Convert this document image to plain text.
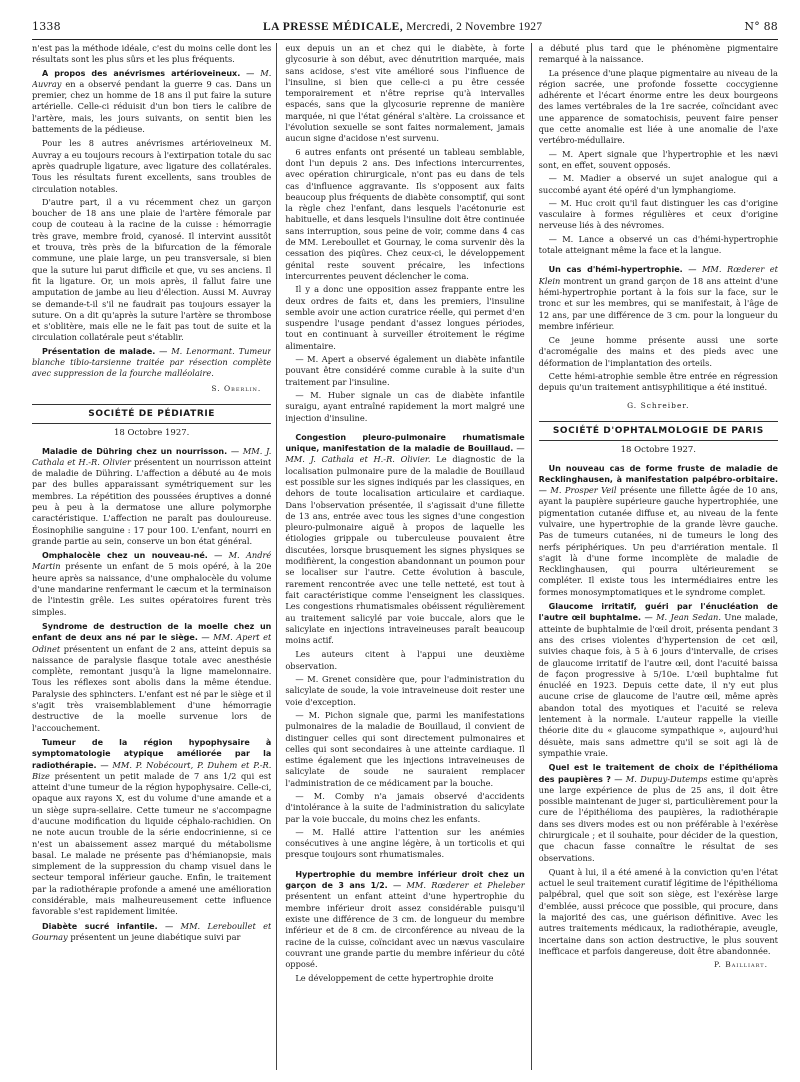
1338	LA PRESSE MÉDICALE, Mercredi, 2 Novembre 1927	N° 88

n'est pas la méthode idéale, c'est du moins celle dont les résultats sont les plus sûrs et les plus fréquents.

A propos des anévrismes artérioveineux. — M. Auvray en a observé pendant la guerre 9 cas. Dans un premier, chez un homme de 18 ans il put faire la suture artérielle. Celle-ci réduisit d'un bon tiers le calibre de l'artère, mais, les jours suivants, on sentit bien les battements de la pédieuse.

Pour les 8 autres anévrismes artérioveineux M. Auvray a eu toujours recours à l'extirpation totale du sac après quadruple ligature, avec ligature des collatérales. Tous les résultats furent excellents, sans troubles de circulation notables.

D'autre part, il a vu récemment chez un garçon boucher de 18 ans une plaie de l'artère fémorale par coup de couteau à la racine de la cuisse : hémorragie très grave, membre froid, cyanosé. Il intervint aussitôt et trouva, très près de la bifurcation de la fémorale commune, une plaie large, un peu transversale, si bien que la suture lui parut difficile et que, vu ses anciens. Il fit la ligature. Or, un mois après, il fallut faire une amputation de jambe au lieu d'élection. Aussi M. Auvray se demande-t-il s'il ne faudrait pas toujours essayer la suture. On a dit qu'après la suture l'artère se thrombose et s'oblitère, mais elle ne le fait pas tout de suite et la circulation collatérale peut s'établir.

Présentation de malade. — M. Lenormant. Tumeur blanche tibio-tarsienne traitée par résection complète avec suppression de la fourche malléolaire.
S. Oberlin.
SOCIÉTÉ DE PÉDIATRIE
18 Octobre 1927.
Maladie de Dühring chez un nourrisson. — MM. J. Cathala et H.-R. Olivier présentent un nourrisson atteint de maladie de Dühring. L'affection a débuté au 4e mois par des bulles apparaissant symétriquement sur les membres. La répétition des poussées éruptives a donné peu à peu à la dermatose une allure polymorphe caractéristique. L'affection ne paraît pas douloureuse. Éosinophilie sanguine : 17 pour 100. L'enfant, nourri en grande partie au sein, conserve un bon état général.
Omphalocèle chez un nouveau-né. — M. André Martin présente un enfant de 5 mois opéré, à la 20e heure après sa naissance, d'une omphalocèle du volume d'une mandarine renfermant le cæcum et la terminaison de l'intestin grêle. Les suites opératoires furent très simples.
Syndrome de destruction de la moelle chez un enfant de deux ans né par le siège. — MM. Apert et Odinet présentent un enfant de 2 ans, atteint depuis sa naissance de paralysie flasque totale avec anesthésie complète, remontant jusqu'à la ligne mamelonnaire. Tous les réflexes sont abolis dans la même étendue. Paralysie des sphincters. L'enfant est né par le siège et il s'agit très vraisemblablement d'une hémorragie destructive de la moelle survenue lors de l'accouchement.
Tumeur de la région hypophysaire à symptomatologie atypique améliorée par la radiothérapie. — MM. P. Nobécourt, P. Duhem et P.-R. Bize présentent un petit malade de 7 ans 1/2 qui est atteint d'une tumeur de la région hypophysaire. Celle-ci, opaque aux rayons X, est du volume d'une amande et a un siège supra-sellaire. Cette tumeur ne s'accompagne d'aucune modification du liquide céphalo-rachidien. On ne note aucun trouble de la série endocrinienne, si ce n'est un abaissement assez marqué du métabolisme basal. Le malade ne présente pas d'hémianopsie, mais simplement de la suppression du champ visuel dans le secteur temporal inférieur gauche. Enfin, le traitement par la radiothérapie profonde a amené une amélioration considérable, mais malheureusement cette influence favorable s'est rapidement limitée.
Diabète sucré infantile. — MM. Lereboullet et Gournay présentent un jeune diabétique suivi par

eux depuis un an et chez qui le diabète, à forte glycosurie à son début, avec dénutrition marquée, mais sans acidose, s'est vite amélioré sous l'influence de l'insuline, si bien que celle-ci a pu être cessée temporairement et n'être reprise qu'à intervalles espacés, sans que la glycosurie reprenne de manière marquée, ni que l'état général s'altère. La croissance et l'évolution sexuelle se sont faites normalement, jamais aucun signe d'acidose n'est survenu.

6 autres enfants ont présenté un tableau semblable, dont l'un depuis 2 ans. Des infections intercurrentes, avec opération chirurgicale, n'ont pas eu dans de tels cas d'influence aggravante. Ils s'opposent aux faits beaucoup plus fréquents de diabète consomptif, qui sont la règle chez l'enfant, dans lesquels l'acétonurie est habituelle, et dans lesquels l'insuline doit être continuée sans interruption, sous peine de voir, comme dans 4 cas de MM. Lereboullet et Gournay, le coma survenir dès la cessation des piqûres. Chez ceux-ci, le développement génital reste souvent précaire, les infections intercurrentes peuvent déclencher le coma.

Il y a donc une opposition assez frappante entre les deux ordres de faits et, dans les premiers, l'insuline semble avoir une action curatrice réelle, qui permet d'en suspendre l'usage pendant d'assez longues périodes, tout en continuant à surveiller étroitement le régime alimentaire.

— M. Apert a observé également un diabète infantile pouvant être considéré comme curable à la suite d'un traitement par l'insuline.

— M. Huber signale un cas de diabète infantile suraigu, ayant entraîné rapidement la mort malgré une injection d'insuline.

Congestion pleuro-pulmonaire rhumatismale unique, manifestation de la maladie de Bouillaud. — MM. J. Cathala et H.-R. Olivier. Le diagnostic de la localisation pulmonaire pure de la maladie de Bouillaud est possible sur les signes indiqués par les classiques, en dehors de toute localisation articulaire et cardiaque. Dans l'observation présentée, il s'agissait d'une fillette de 13 ans, entrée avec tous les signes d'une congestion pleuro-pulmonaire aiguë à propos de laquelle les étiologies grippale ou tuberculeuse pouvaient être discutées, lorsque brusquement les signes physiques se modifièrent, la congestion abandonnant un poumon pour se localiser sur l'autre. Cette évolution à bascule, rarement rencontrée avec une telle netteté, est tout à fait caractéristique comme l'enseignent les classiques. Les congestions rhumatismales obéissent régulièrement au traitement salicylé par voie buccale, alors que le salicylate en injections intraveineuses paraît beaucoup moins actif.

Les auteurs citent à l'appui une deuxième observation.

— M. Grenet considère que, pour l'administration du salicylate de soude, la voie intraveineuse doit rester une voie d'exception.

— M. Pichon signale que, parmi les manifestations pulmonaires de la maladie de Bouillaud, il convient de distinguer celles qui sont directement pulmonaires et celles qui sont secondaires à une atteinte cardiaque. Il estime également que les injections intraveineuses de salicylate de soude ne sauraient remplacer l'administration de ce médicament par la bouche.

— M. Comby n'a jamais observé d'accidents d'intolérance à la suite de l'administration du salicylate par la voie buccale, du moins chez les enfants.

— M. Hallé attire l'attention sur les anémies consécutives à une angine légère, à un torticolis et qui presque toujours sont rhumatismales.

Hypertrophie du membre inférieur droit chez un garçon de 3 ans 1/2. — MM. Rœderer et Pheleber présentent un enfant atteint d'une hypertrophie du membre inférieur droit assez considérable puisqu'il existe une différence de 3 cm. de longueur du membre inférieur et de 8 cm. de circonférence au niveau de la racine de la cuisse, coïncidant avec un nævus vasculaire couvrant une grande partie du membre inférieur du côté opposé.

Le développement de cette hypertrophie droite

a débuté plus tard que le phénomène pigmentaire remarqué à la naissance.

La présence d'une plaque pigmentaire au niveau de la région sacrée, une profonde fossette coccygienne adhérente et l'écart énorme entre les deux bourgeons des lames vertébrales de la 1re sacrée, coïncidant avec une apparence de somatochisis, peuvent faire penser que cette anomalie est liée à une anomalie de l'axe vertébro-médullaire.

— M. Apert signale que l'hypertrophie et les nævi sont, en effet, souvent opposés.

— M. Madier a observé un sujet analogue qui a succombé ayant été opéré d'un lymphangiome.

— M. Huc croit qu'il faut distinguer les cas d'origine vasculaire à formes régulières et ceux d'origine nerveuse liés à des névromes.

— M. Lance a observé un cas d'hémi-hypertrophie totale atteignant même la face et la langue.

Un cas d'hémi-hypertrophie. — MM. Rœderer et Klein montrent un grand garçon de 18 ans atteint d'une hémi-hypertrophie portant à la fois sur la face, sur le tronc et sur les membres, qui se manifestait, à l'âge de 12 ans, par une différence de 3 cm. pour la longueur du membre inférieur.

Ce jeune homme présente aussi une sorte d'acromégalie des mains et des pieds avec une déformation de l'implantation des orteils.

Cette hémi-atrophie semble être entrée en régression depuis qu'un traitement antisyphilitique a été institué.

G. Schreiber.
SOCIÉTÉ D'OPHTALMOLOGIE DE PARIS
18 Octobre 1927.
Un nouveau cas de forme fruste de maladie de Recklinghausen, à manifestation palpébro-orbitaire. — M. Prosper Veil présente une fillette âgée de 10 ans, ayant la paupière supérieure gauche hypertrophiée, une pigmentation cutanée diffuse et, au niveau de la fente vulvaire, une hypertrophie de la grande lèvre gauche. Pas de tumeurs cutanées, ni de tumeurs le long des nerfs périphériques. Un peu d'arriération mentale. Il s'agit là d'une forme incomplète de maladie de Recklinghausen, qui pourra ultérieurement se compléter. Il existe tous les intermédiaires entre les formes monosymptomatiques et le syndrome complet.
Glaucome irritatif, guéri par l'énucléation de l'autre œil buphtalme. — M. Jean Sedan. Une malade, atteinte de buphtalmie de l'œil droit, présenta pendant 3 ans des crises violentes d'hypertension de cet œil, suivies chaque fois, à 5 à 6 jours d'intervalle, de crises de glaucome irritatif de l'autre œil, dont l'acuité baissa de façon progressive à 5/10e. L'œil buphtalme fut énucléé en 1923. Depuis cette date, il n'y eut plus aucune crise de glaucome de l'autre œil, même après abandon total des myotiques et l'acuité se releva lentement à la normale. L'auteur rappelle la vieille théorie dite du « glaucome sympathique », aujourd'hui désuète, mais sans admettre qu'il se soit agi là de sympathie vraie.
Quel est le traitement de choix de l'épithélioma des paupières ? — M. Dupuy-Dutemps estime qu'après une large expérience de plus de 25 ans, il doit être possible maintenant de juger si, particulièrement pour la cure de l'épithélioma des paupières, la radiothérapie dans ses divers modes est ou non préférable à l'exérèse chirurgicale ; et il souhaite, pour décider de la question, que chacun fasse connaître le résultat de ses observations.

Quant à lui, il a été amené à la conviction qu'en l'état actuel le seul traitement curatif légitime de l'épithélioma palpébral, quel que soit son siège, est l'exérèse large d'emblée, aussi précoce que possible, qui procure, dans la majorité des cas, une guérison définitive. Avec les autres traitements médicaux, la radiothérapie, aveugle, incertaine dans son action destructive, le plus souvent inefficace et parfois dangereuse, doit être abandonnée.

P. Bailliart.
